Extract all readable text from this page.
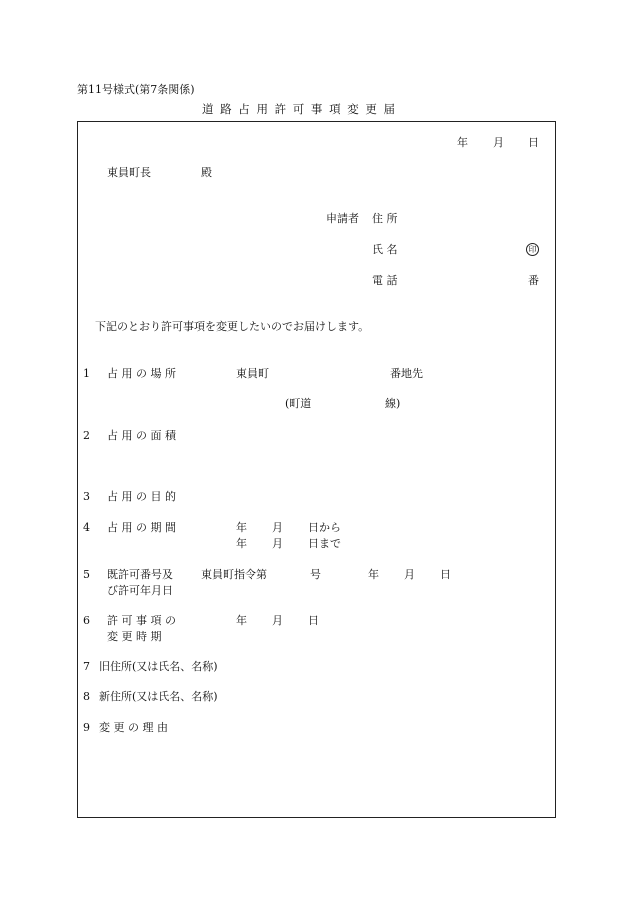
第11号様式(第7条関係)
道 路 占 用 許 可 事 項 変 更 届
年 月 日
東員町長	殿
申請者 住 所
氏 名	印
電 話	番
下記のとおり許可事項を変更したいのでお届けします。
1 占 用 の 場 所	東員町	番地先
(町道	線)
2 占 用 の 面 積
3 占 用 の 目 的
4 占 用 の 期 間	年 月 日から
年 月 日まで
5 既許可番号及
び許可年月日
東員町指令第	号	年 月 日
6 許 可 事 項 の
変 更 時 期
年 月 日
7 旧住所(又は氏名、名称)
8 新住所(又は氏名、名称)
9 変 更 の 理 由
